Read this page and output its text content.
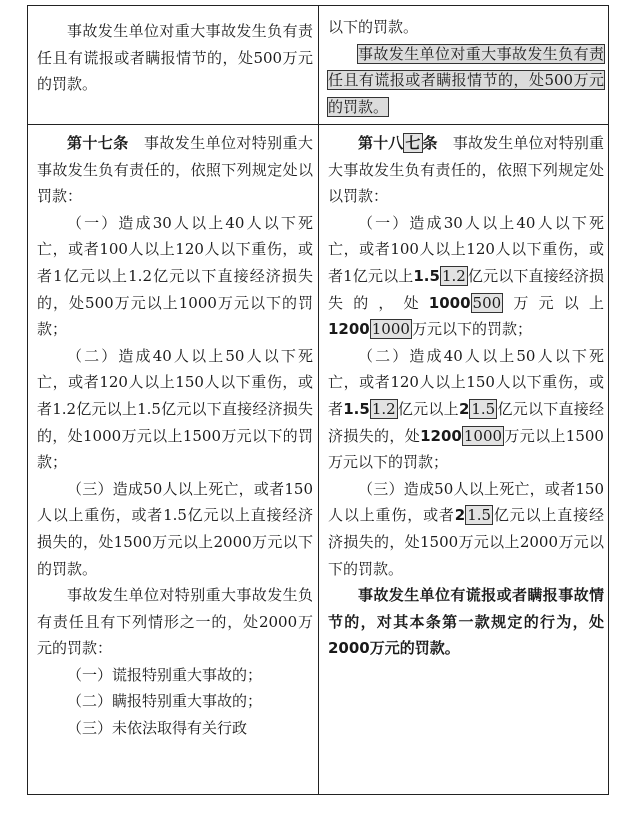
事故发生单位对重大事故发生负有责任且有谎报或者瞒报情节的，处500万元的罚款。

以下的罚款。

事故发生单位对重大事故发生负有责任且有谎报或者瞒报情节的，处500万元的罚款。

第十七条　 事故发生单位对特别重大事故发生负有责任的，依照下列规定处以罚款：

（一）造成30人以上40人以下死亡，或者100人以上120人以下重伤，或者1亿元以上1.2亿元以下直接经济损失的，处500万元以上1000万元以下的罚款；

（二）造成40人以上50人以下死亡，或者120人以上150人以下重伤，或者1.2亿元以上1.5亿元以下直接经济损失的，处1000万元以上1500万元以下的罚款；

（三）造成50人以上死亡，或者150人以上重伤，或者1.5亿元以上直接经济损失的，处1500万元以上2000万元以下的罚款。

事故发生单位对特别重大事故发生负有责任且有下列情形之一的，处2000万元的罚款：

（一）谎报特别重大事故的；

（二）瞒报特别重大事故的；

（三）未依法取得有关行政

第十八 七 条　 事故发生单位对特别重大事故发生负有责任的，依照下列规定处以罚款：

（一）造成30人以上40人以下死亡，或者100人以上120人以下重伤，或者1亿元以上1.5 1.2 亿元以下直接经济损失的，处1000 500 万元以上1200 1000 万元以下的罚款；

（二）造成40人以上50人以下死亡，或者120人以上150人以下重伤，或者1.5 1.2 亿元以上2 1.5 亿元以下直接经济损失的，处1200 1000 万元以上1500万元以下的罚款；

（三）造成50人以上死亡，或者150人以上重伤，或者2 1.5 亿元以上直接经济损失的，处1500万元以上2000万元以下的罚款。

事故发生单位有谎报或者瞒报事故情节的，对其本条第一款规定的行为，处2000万元的罚款。
